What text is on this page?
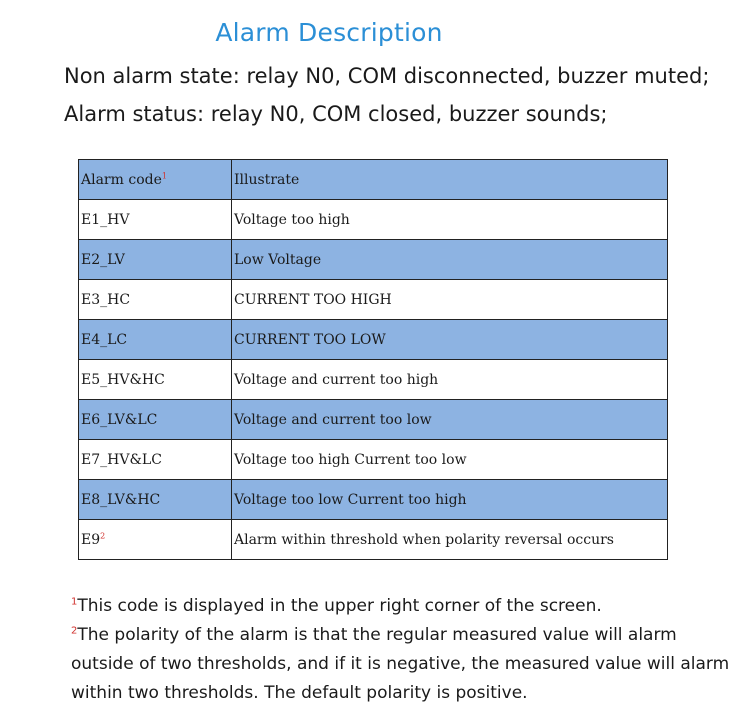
Alarm Description
Non alarm state: relay N0, COM disconnected, buzzer muted;
Alarm status: relay N0, COM closed, buzzer sounds;
Alarm code$^1$	Illustrate
E1_HV	Voltage too high
E2_LV	Low Voltage
E3_HC	CURRENT TOO HIGH
E4_LC	CURRENT TOO LOW
E5_HV&HC	Voltage and current too high
E6_LV&LC	Voltage and current too low
E7_HV&LC	Voltage too high Current too low
E8_LV&HC	Voltage too low Current too high
E9$^2$	Alarm within threshold when polarity reversal occurs

$^1$This code is displayed in the upper right corner of the screen.

$^2$The polarity of the alarm is that the regular measured value will alarm outside of two thresholds, and if it is negative, the measured value will alarm within two thresholds. The default polarity is positive.
